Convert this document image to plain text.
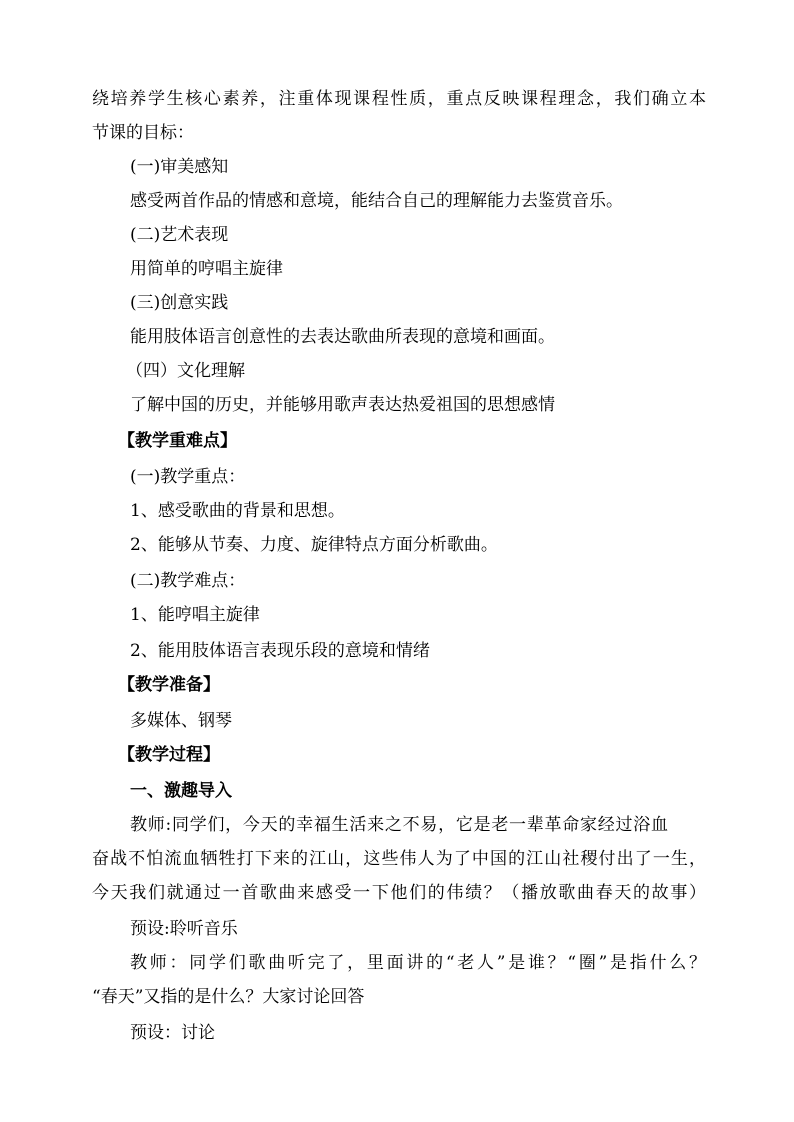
绕培养学生核心素养，注重体现课程性质，重点反映课程理念，我们确立本
节课的目标：
(一)审美感知
感受两首作品的情感和意境，能结合自己的理解能力去鉴赏音乐。
(二)艺术表现
用简单的哼唱主旋律
(三)创意实践
能用肢体语言创意性的去表达歌曲所表现的意境和画面。
（四）文化理解
了解中国的历史，并能够用歌声表达热爱祖国的思想感情
【教学重难点】
(一)教学重点：
1、感受歌曲的背景和思想。
2、能够从节奏、力度、旋律特点方面分析歌曲。
(二)教学难点：
1、能哼唱主旋律
2、能用肢体语言表现乐段的意境和情绪
【教学准备】
多媒体、钢琴
【教学过程】
一、激趣导入
教师:同学们，今天的幸福生活来之不易，它是老一辈革命家经过浴血
奋战不怕流血牺牲打下来的江山，这些伟人为了中国的江山社稷付出了一生，
今天我们就通过一首歌曲来感受一下他们的伟绩？（播放歌曲春天的故事）
预设:聆听音乐
教师：同学们歌曲听完了，里面讲的“老人”是谁？“圈”是指什么？
“春天”又指的是什么？大家讨论回答
预设：讨论
